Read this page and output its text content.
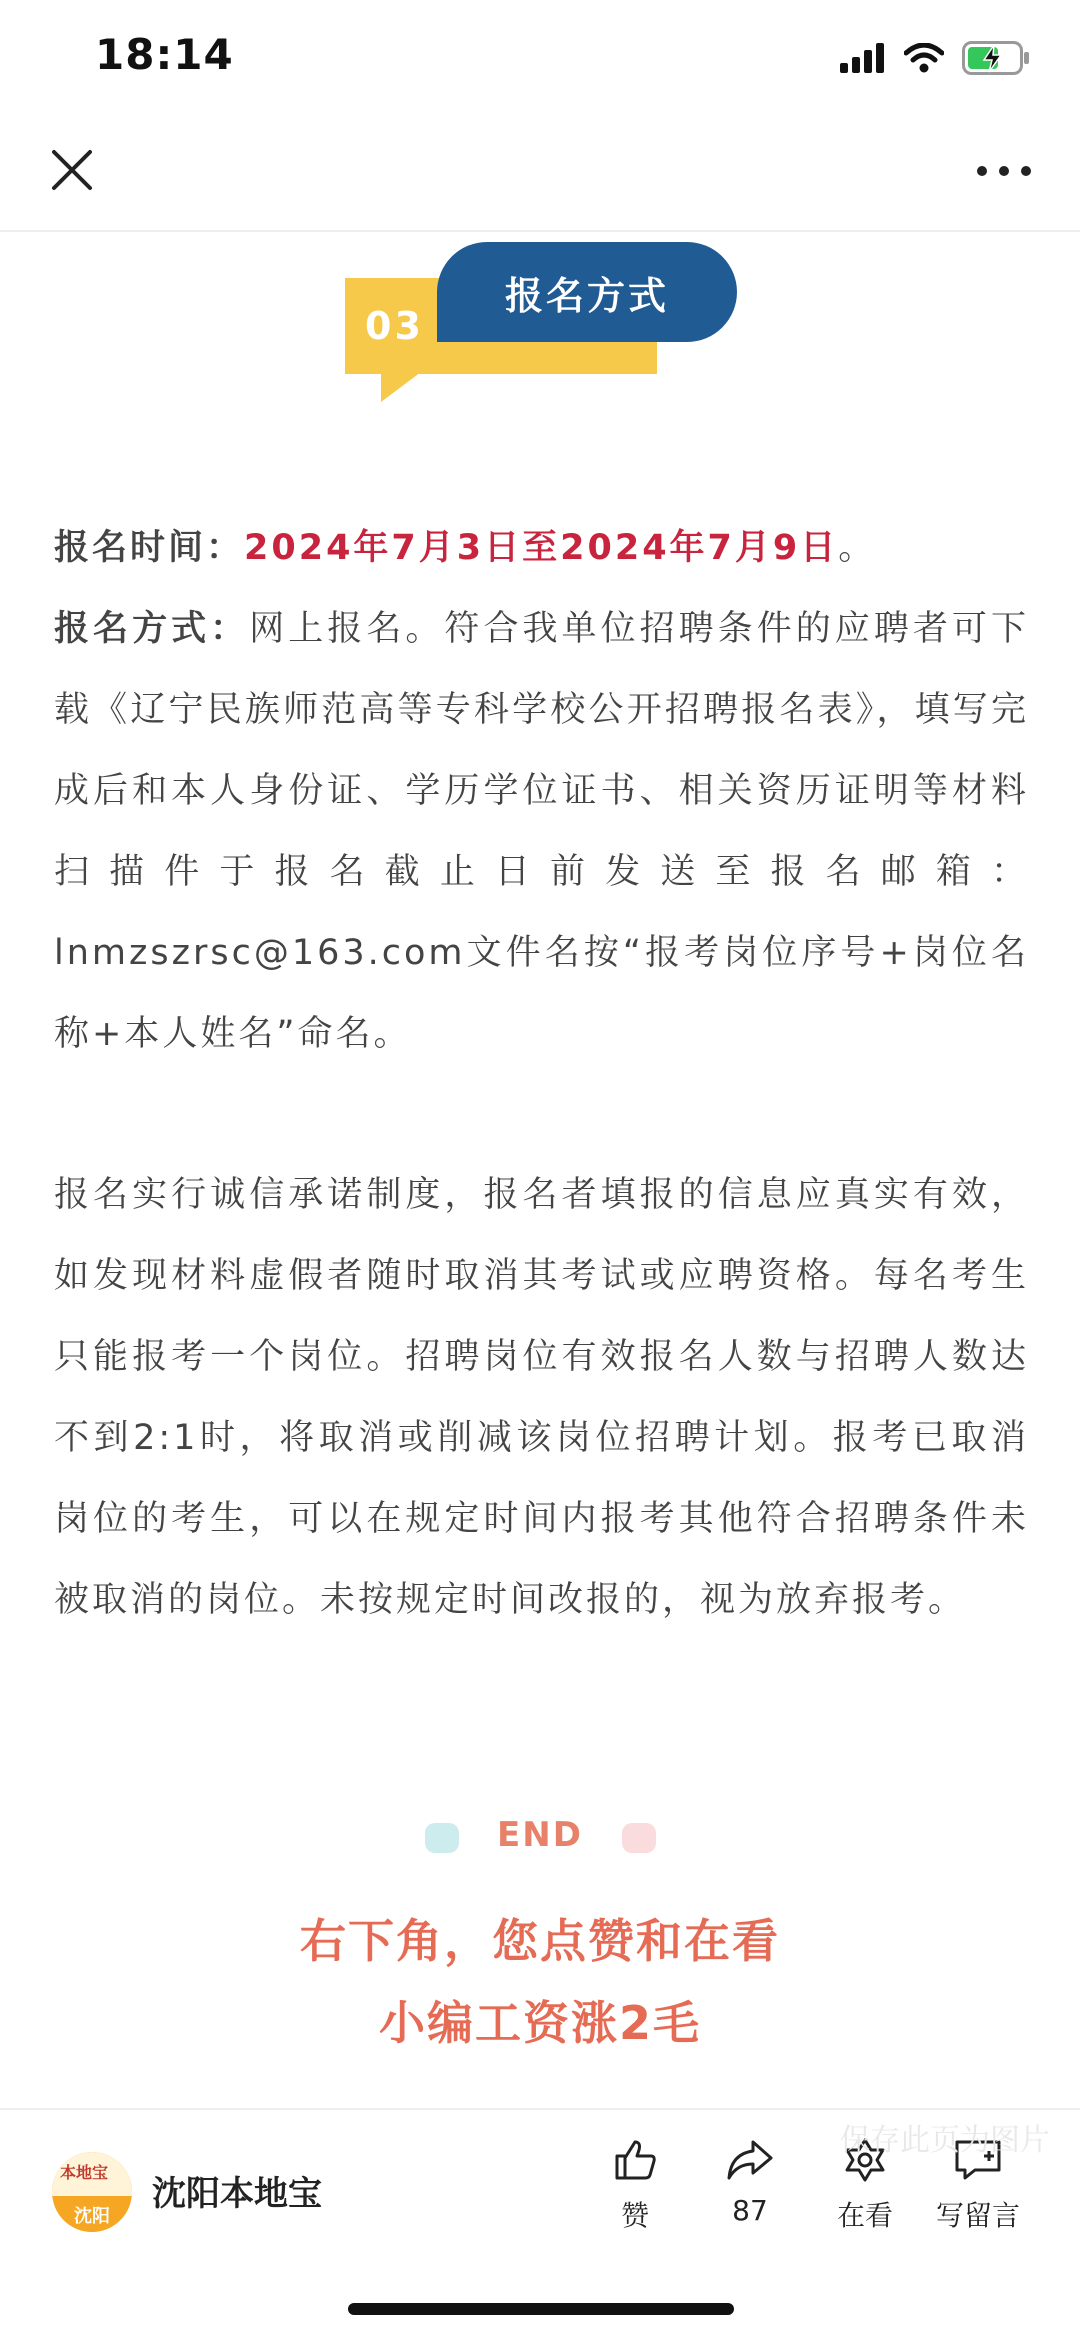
18:14
03
报名方式

报名时间：2024年7月3日至2024年7月9日。

报名方式：网上报名。符合我单位招聘条件的应聘者可下载《辽宁民族师范高等专科学校公开招聘报名表》，填写完成后和本人身份证、学历学位证书、相关资历证明等材料扫描件于报名截止日前发送至报名邮箱：lnmzszrsc@163.com文件名按“报考岗位序号+岗位名称+本人姓名”命名。

报名实行诚信承诺制度，报名者填报的信息应真实有效，如发现材料虚假者随时取消其考试或应聘资格。每名考生只能报考一个岗位。招聘岗位有效报名人数与招聘人数达不到2:1时，将取消或削减该岗位招聘计划。报考已取消岗位的考生，可以在规定时间内报考其他符合招聘条件未被取消的岗位。未按规定时间改报的，视为放弃报考。

END
右下角，您点赞和在看
小编工资涨2毛
本地宝
沈阳
沈阳本地宝
赞	87	在看	写留言
保存此页为图片
